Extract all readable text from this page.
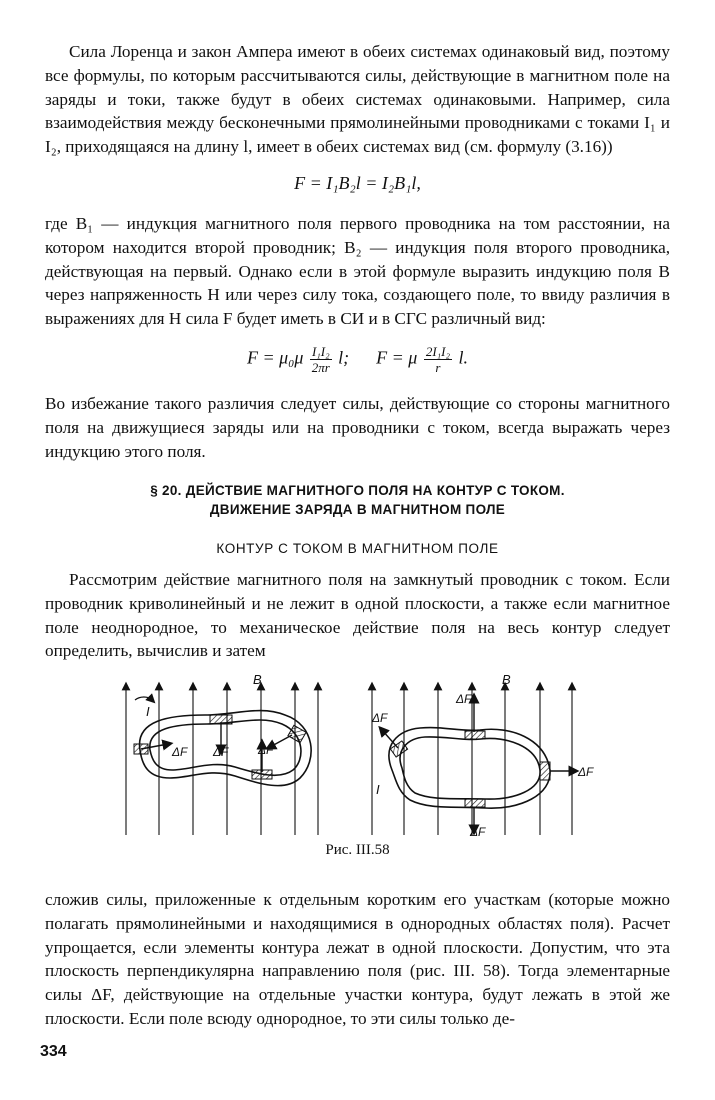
Сила Лоренца и закон Ампера имеют в обеих системах одинаковый вид, поэтому все формулы, по которым рассчитываются силы, действующие в магнитном поле на заряды и токи, также будут в обеих системах одинаковыми. Например, сила взаимодействия между бесконечными прямолинейными проводниками с токами I₁ и I₂, приходящаяся на длину l, имеет в обеих системах вид (см. формулу (3.16))

F = I₁B₂l = I₂B₁l,

где B₁ — индукция магнитного поля первого проводника на том расстоянии, на котором находится второй проводник; B₂ — индукция поля второго проводника, действующая на первый. Однако если в этой формуле выразить индукцию поля B через напряженность H или через силу тока, создающего поле, то ввиду различия в выражениях для H сила F будет иметь в СИ и в СГС различный вид:

$F = \mu_0\mu \frac{\text{I₁I₂}}{2\pi r} l$; F = μ $\frac{\text{2I₁I₂}}{r} l$.

Во избежание такого различия следует силы, действующие со стороны магнитного поля на движущиеся заряды или на проводники с током, всегда выражать через индукцию этого поля.

§ 20. ДЕЙСТВИЕ МАГНИТНОГО ПОЛЯ НА КОНТУР С ТОКОМ.
ДВИЖЕНИЕ ЗАРЯДА В МАГНИТНОМ ПОЛЕ
КОНТУР С ТОКОМ В МАГНИТНОМ ПОЛЕ

Рассмотрим действие магнитного поля на замкнутый проводник с током. Если проводник криволинейный и не лежит в одной плоскости, а также если магнитное поле неоднородное, то механическое действие поля на весь контур следует определить, вычислив и затем

B
I
ΔF ΔF ΔF
B
I
ΔF
ΔF
ΔF
ΔF
Рис. III.58

сложив силы, приложенные к отдельным коротким его участкам (которые можно полагать прямолинейными и находящимися в однородных областях поля). Расчет упрощается, если элементы контура лежат в одной плоскости. Допустим, что эта плоскость перпендикулярна направлению поля (рис. III. 58). Тогда элементарные силы ΔF, действующие на отдельные участки контура, будут лежать в этой же плоскости. Если поле всюду однородное, то эти силы только де-

334
